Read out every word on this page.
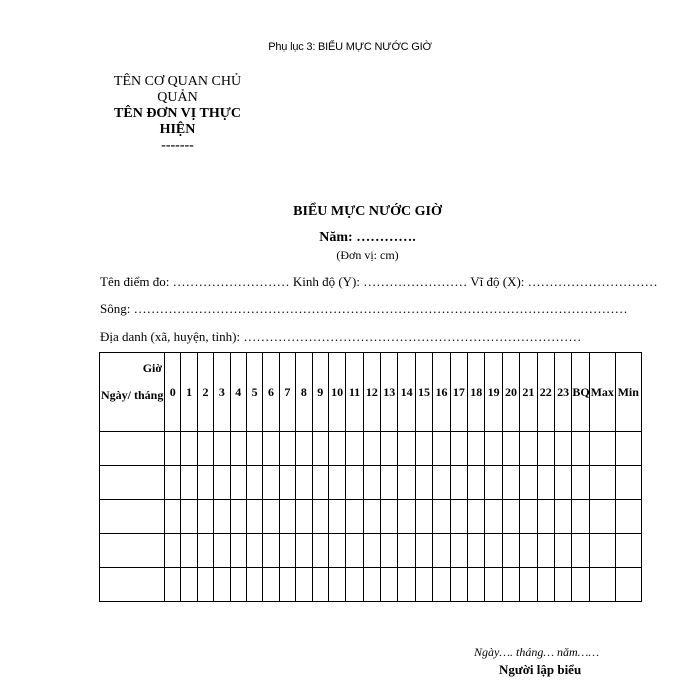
Phụ lục 3: BIỂU MỰC NƯỚC GIỜ
TÊN CƠ QUAN CHỦ QUẢN
TÊN ĐƠN VỊ THỰC HIỆN
-------
BIỂU MỰC NƯỚC GIỜ
Năm: ………….
(Đơn vị: cm)
Tên điểm đo: ……………………… Kinh độ (Y): …………………… Vĩ độ (X): …………………………
Sông: ……………………………………………………………………………………………………
Địa danh (xã, huyện, tỉnh): ……………………………………………………………………
Giờ
Ngày/ tháng	0	1	2	3	4	5	6	7	8	9	10	11	12	13	14	15	16	17	18	19	20	21	22	23	BQ	Max	Min

Ngày…. tháng… năm……
Người lập biểu
